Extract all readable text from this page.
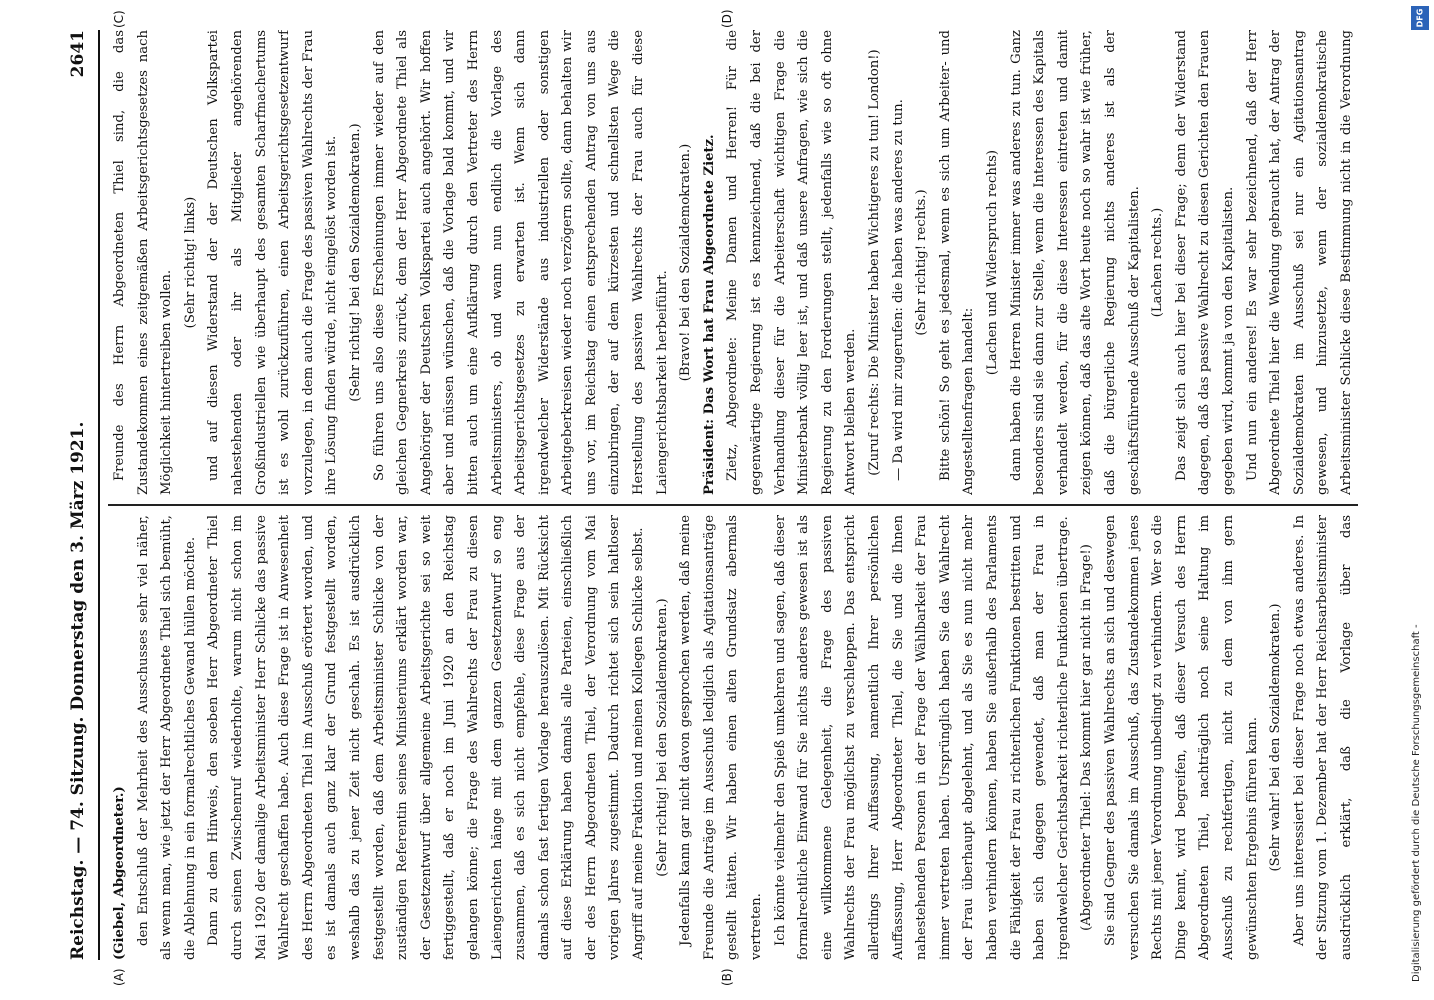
Reichstag. — 74. Sitzung. Donnerstag den 3. März 1921.
2641
(A)	(B)
(C)	(D)

(Giebel, Abgeordneter.) den Entschluß der Mehrheit des Ausschusses sehr viel näher, als wenn man, wie jetzt der Herr Abgeordnete Thiel sich bemüht, die Ablehnung in ein formalrechtliches Gewand hüllen möchte. Dann zu dem Hinweis, den soeben Herr Abgeordneter Thiel durch seinen Zwischenruf wiederholte, warum nicht schon im Mai 1920 der damalige Arbeitsminister Herr Schlicke das passive Wahlrecht geschaffen habe. Auch diese Frage ist in Anwesenheit des Herrn Abgeordneten Thiel im Ausschuß erörtert worden, und es ist damals auch ganz klar der Grund festgestellt worden, weshalb das zu jener Zeit nicht geschah. Es ist ausdrücklich festgestellt worden, daß dem Arbeitsminister Schlicke von der zuständigen Referentin seines Ministeriums erklärt worden war, der Gesetzentwurf über allgemeine Arbeitsgerichte sei so weit fertiggestellt, daß er noch im Juni 1920 an den Reichstag gelangen könne; die Frage des Wahlrechts der Frau zu diesen Laiengerichten hänge mit dem ganzen Gesetzentwurf so eng zusammen, daß es sich nicht empfehle, diese Frage aus der damals schon fast fertigen Vorlage herauszulösen. Mit Rücksicht auf diese Erklärung haben damals alle Parteien, einschließlich der des Herrn Abgeordneten Thiel, der Verordnung vom Mai vorigen Jahres zugestimmt. Dadurch richtet sich sein haltloser Angriff auf meine Fraktion und meinen Kollegen Schlicke selbst. (Sehr richtig! bei den Sozialdemokraten.) Jedenfalls kann gar nicht davon gesprochen werden, daß meine Freunde die Anträge im Ausschuß lediglich als Agitationsanträge gestellt hätten. Wir haben einen alten Grundsatz abermals vertreten. Ich könnte vielmehr den Spieß umkehren und sagen, daß dieser formalrechtliche Einwand für Sie nichts anderes gewesen ist als eine willkommene Gelegenheit, die Frage des passiven Wahlrechts der Frau möglichst zu verschleppen. Das entspricht allerdings Ihrer Auffassung, namentlich Ihrer persönlichen Auffassung, Herr Abgeordneter Thiel, die Sie und die Ihnen nahestehenden Personen in der Frage der Wählbarkeit der Frau immer vertreten haben. Ursprünglich haben Sie das Wahlrecht der Frau überhaupt abgelehnt, und als Sie es nun nicht mehr haben verhindern können, haben Sie außerhalb des Parlaments die Fähigkeit der Frau zu richterlichen Funktionen bestritten und haben sich dagegen gewendet, daß man der Frau in irgendwelcher Gerichtsbarkeit richterliche Funktionen übertrage. (Abgeordneter Thiel: Das kommt hier gar nicht in Frage!) Sie sind Gegner des passiven Wahlrechts an sich und deswegen versuchen Sie damals im Ausschuß, das Zustandekommen jenes Rechts mit jener Verordnung unbedingt zu verhindern. Wer so die Dinge kennt, wird begreifen, daß dieser Versuch des Herrn Abgeordneten Thiel, nachträglich noch seine Haltung im Ausschuß zu rechtfertigen, nicht zu dem von ihm gern gewünschten Ergebnis führen kann. (Sehr wahr! bei den Sozialdemokraten.)

Aber uns interessiert bei dieser Frage noch etwas anderes. In der Sitzung vom 1. Dezember hat der Herr Reichsarbeitsminister ausdrücklich erklärt, daß die Vorlage über das

Freunde des Herrn Abgeordneten Thiel sind, die das Zustandekommen eines zeitgemäßen Arbeitsgerichtsgesetzes nach Möglichkeit hintertreiben wollen.

(Sehr richtig! links) und auf diesen Widerstand der der Deutschen Volkspartei nahestehenden oder ihr als Mitglieder angehörenden Großindustriellen wie überhaupt des gesamten Scharfmachertums ist es wohl zurückzuführen, einen Arbeitsgerichtsgesetzentwurf vorzulegen, in dem auch die Frage des passiven Wahlrechts der Frau ihre Lösung finden würde, nicht eingelöst worden ist. (Sehr richtig! bei den Sozialdemokraten.) So führen uns also diese Erscheinungen immer wieder auf den gleichen Gegnerkreis zurück, dem der Herr Abgeordnete Thiel als Angehöriger der Deutschen Volkspartei auch angehört. Wir hoffen aber und müssen wünschen, daß die Vorlage bald kommt, und wir bitten auch um eine Aufklärung durch den Vertreter des Herrn Arbeitsministers, ob und wann nun endlich die Vorlage des Arbeitsgerichtsgesetzes zu erwarten ist. Wenn sich dann irgendwelcher Widerstände aus industriellen oder sonstigen Arbeitgeberkreisen wieder noch verzögern sollte, dann behalten wir uns vor, im Reichstag einen entsprechenden Antrag von uns aus einzubringen, der auf dem kürzesten und schnellsten Wege die Herstellung des passiven Wahlrechts der Frau auch für diese Laiengerichtsbarkeit herbeiführt.

(Bravo! bei den Sozialdemokraten.) Präsident: Das Wort hat Frau Abgeordnete Zietz. Zietz, Abgeordnete: Meine Damen und Herren! Für die gegenwärtige Regierung ist es kennzeichnend, daß die bei der Verhandlung dieser für die Arbeiterschaft wichtigen Frage die Ministerbank völlig leer ist, und daß unsere Anfragen, wie sich die Regierung zu den Forderungen stellt, jedenfalls wie so oft ohne Antwort bleiben werden. (Zuruf rechts: Die Minister haben Wichtigeres zu tun! London!) — Da wird mir zugerufen: die haben was anderes zu tun. (Sehr richtig! rechts.) Bitte schön! So geht es jedesmal, wenn es sich um Arbeiter- und Angestelltenfragen handelt:

(Lachen und Widerspruch rechts) dann haben die Herren Minister immer was anderes zu tun. Ganz besonders sind sie dann zur Stelle, wenn die Interessen des Kapitals verhandelt werden, für die diese Interessen eintreten und damit zeigen können, daß das alte Wort heute noch so wahr ist wie früher, daß die bürgerliche Regierung nichts anderes ist als der geschäftsführende Ausschuß der Kapitalisten. (Lachen rechts.) Das zeigt sich auch hier bei dieser Frage; denn der Widerstand dagegen, daß das passive Wahlrecht zu diesen Gerichten den Frauen gegeben wird, kommt ja von den Kapitalisten. Und nun ein anderes! Es war sehr bezeichnend, daß der Herr Abgeordnete Thiel hier die Wendung gebraucht hat, der Antrag der Sozialdemokraten im Ausschuß sei nur ein Agitationsantrag gewesen, und hinzusetzte, wenn der sozialdemokratische Arbeitsminister Schlicke diese Bestimmung nicht in die Verordnung

Digitalisierung gefördert durch die Deutsche Forschungsgemeinschaft -
DFG
